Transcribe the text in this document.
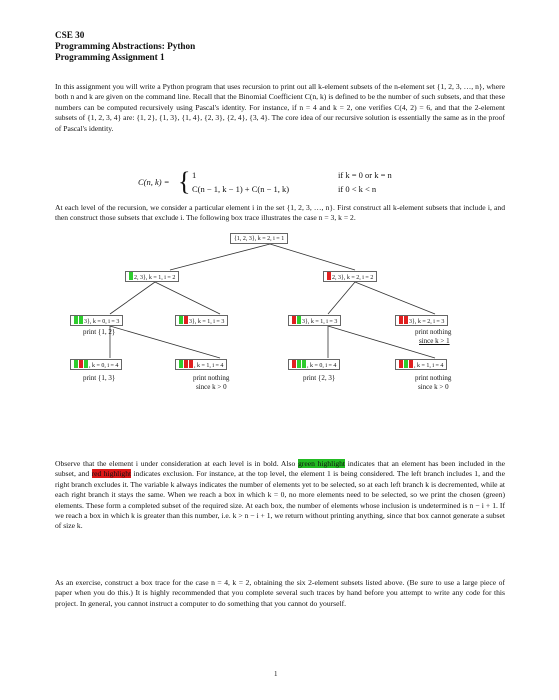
CSE 30
Programming Abstractions: Python
Programming Assignment 1
In this assignment you will write a Python program that uses recursion to print out all k-element subsets of the n-element set {1, 2, 3, …, n}, where both n and k are given on the command line. Recall that the Binomial Coefficient C(n, k) is defined to be the number of such subsets, and that these numbers can be computed recursively using Pascal's identity. For instance, if n = 4 and k = 2, one verifies C(4, 2) = 6, and that the 2-element subsets of {1, 2, 3, 4} are: {1, 2}, {1, 3}, {1, 4}, {2, 3}, {2, 4}, {3, 4}. The core idea of our recursive solution is essentially the same as in the proof of Pascal's identity.
C(n, k) = { 1
C(n − 1, k − 1) + C(n − 1, k)
if k = 0 or k = n
if 0 < k < n
At each level of the recursion, we consider a particular element i in the set {1, 2, 3, …, n}. First construct all k-element subsets that include i, and then construct those subsets that exclude i. The following box trace illustrates the case n = 3, k = 2.
{1, 2, 3}, k = 2, i = 1
2, 3}, k = 1, i = 2	2, 3}, k = 2, i = 2
3}, k = 0, i = 3	3}, k = 1, i = 3	3}, k = 1, i = 3	3}, k = 2, i = 3
print {1, 2}	print nothing
since k > 1
, k = 0, i = 4	, k = 1, i = 4	, k = 0, i = 4	, k = 1, i = 4
print {1, 3}	print nothing
since k > 0
print {2, 3}	print nothing
since k > 0
Observe that the element i under consideration at each level is in bold. Also green highlight indicates that an element has been included in the subset, and red highlight indicates exclusion. For instance, at the top level, the element 1 is being considered. The left branch includes 1, and the right branch excludes it. The variable k always indicates the number of elements yet to be selected, so at each left branch k is decremented, while at each right branch it stays the same. When we reach a box in which k = 0, no more elements need to be selected, so we print the chosen (green) elements. These form a completed subset of the required size. At each box, the number of elements whose inclusion is undetermined is n − i + 1. If we reach a box in which k is greater than this number, i.e. k > n − i + 1, we return without printing anything, since that box cannot generate a subset of size k.
As an exercise, construct a box trace for the case n = 4, k = 2, obtaining the six 2-element subsets listed above. (Be sure to use a large piece of paper when you do this.) It is highly recommended that you complete several such traces by hand before you attempt to write any code for this project. In general, you cannot instruct a computer to do something that you cannot do yourself.
1
